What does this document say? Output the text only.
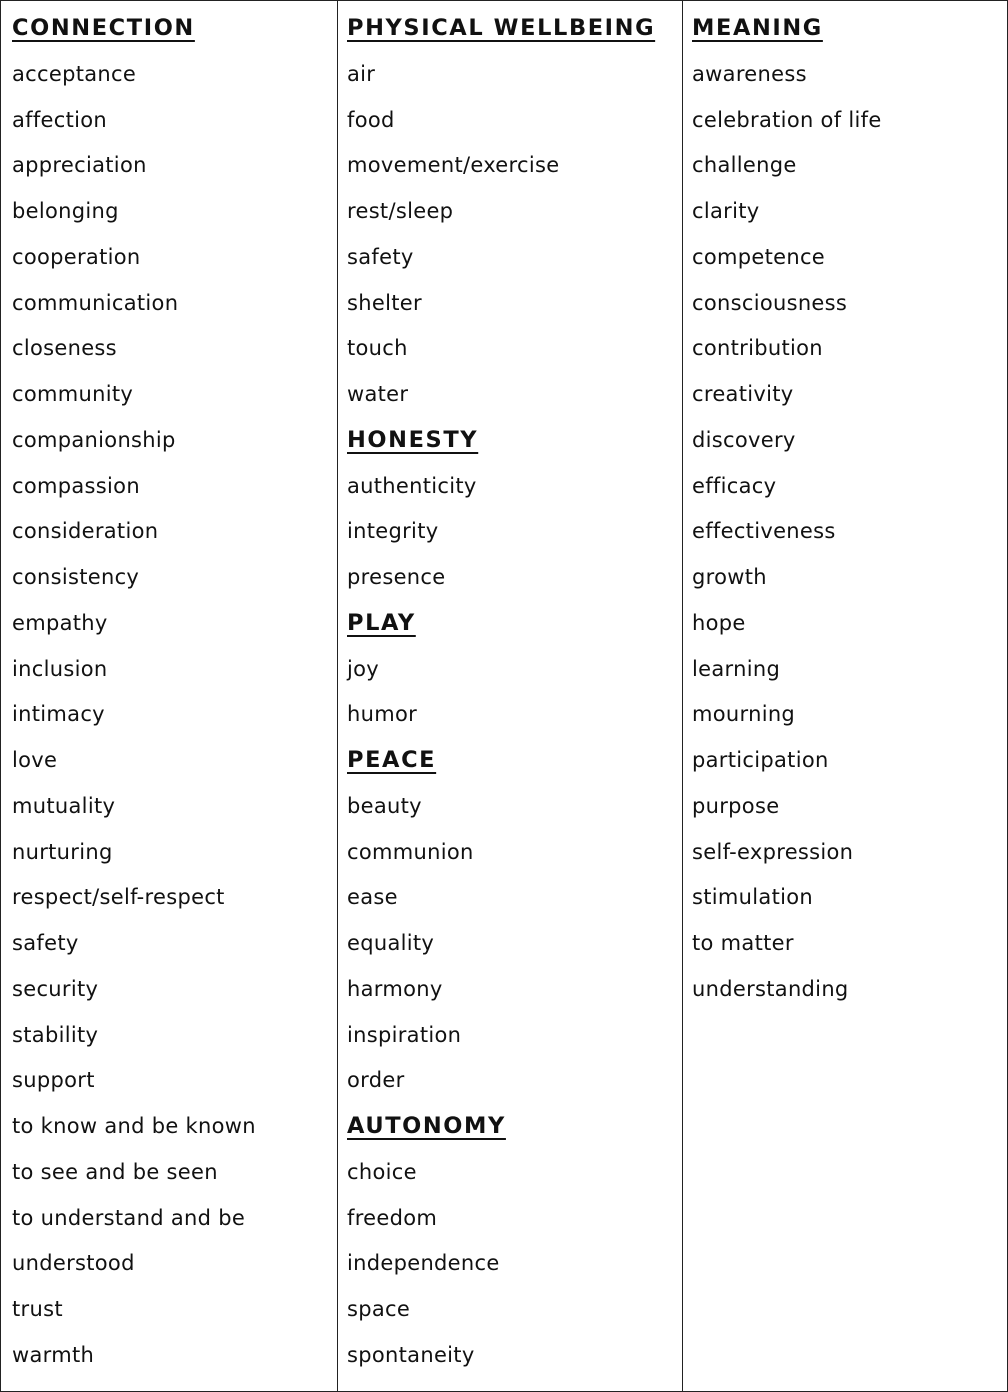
CONNECTION
acceptance
affection
appreciation
belonging
cooperation
communication
closeness
community
companionship
compassion
consideration
consistency
empathy
inclusion
intimacy
love
mutuality
nurturing
respect/self-respect
safety
security
stability
support
to know and be known
to see and be seen
to understand and be
understood
trust
warmth
PHYSICAL WELLBEING
air
food
movement/exercise
rest/sleep
safety
shelter
touch
water
HONESTY
authenticity
integrity
presence
PLAY
joy
humor
PEACE
beauty
communion
ease
equality
harmony
inspiration
order
AUTONOMY
choice
freedom
independence
space
spontaneity
MEANING
awareness
celebration of life
challenge
clarity
competence
consciousness
contribution
creativity
discovery
efficacy
effectiveness
growth
hope
learning
mourning
participation
purpose
self-expression
stimulation
to matter
understanding
